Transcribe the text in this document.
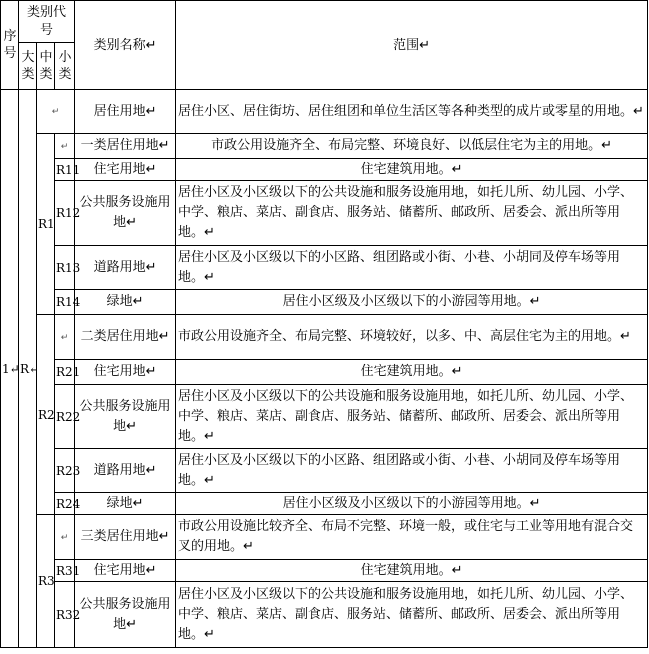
序号	类别代号			类别名称↵	范围↵

	大类	中类	小类		

1↵	R↵	↵		居住用地↵	居住小区、居住街坊、居住组团和单位生活区等各种类型的成片或零星的用地。↵
		R1	↵	一类居住用地↵	市政公用设施齐全、布局完整、环境良好、以低层住宅为主的用地。↵
			R11	住宅用地↵	住宅建筑用地。↵
			R12	公共服务设施用地↵	居住小区及小区级以下的公共设施和服务设施用地，如托儿所、幼儿园、小学、中学、粮店、菜店、副食店、服务站、储蓄所、邮政所、居委会、派出所等用地。↵
			R13	道路用地↵	居住小区及小区级以下的小区路、组团路或小街、小巷、小胡同及停车场等用地。↵
			R14	绿地↵	居住小区级及小区级以下的小游园等用地。↵
		R2	↵	二类居住用地↵	市政公用设施齐全、布局完整、环境较好，以多、中、高层住宅为主的用地。↵
			R21	住宅用地↵	住宅建筑用地。↵
			R22	公共服务设施用地↵	居住小区及小区级以下的公共设施和服务设施用地，如托儿所、幼儿园、小学、中学、粮店、菜店、副食店、服务站、储蓄所、邮政所、居委会、派出所等用地。↵
			R23	道路用地↵	居住小区及小区级以下的小区路、组团路或小街、小巷、小胡同及停车场等用地。↵
			R24	绿地↵	居住小区级及小区级以下的小游园等用地。↵
		R3	↵	三类居住用地↵	市政公用设施比较齐全、布局不完整、环境一般，或住宅与工业等用地有混合交叉的用地。↵
			R31	住宅用地↵	住宅建筑用地。↵
			R32	公共服务设施用地↵	居住小区及小区级以下的公共设施和服务设施用地，如托儿所、幼儿园、小学、中学、粮店、菜店、副食店、服务站、储蓄所、邮政所、居委会、派出所等用地。↵
